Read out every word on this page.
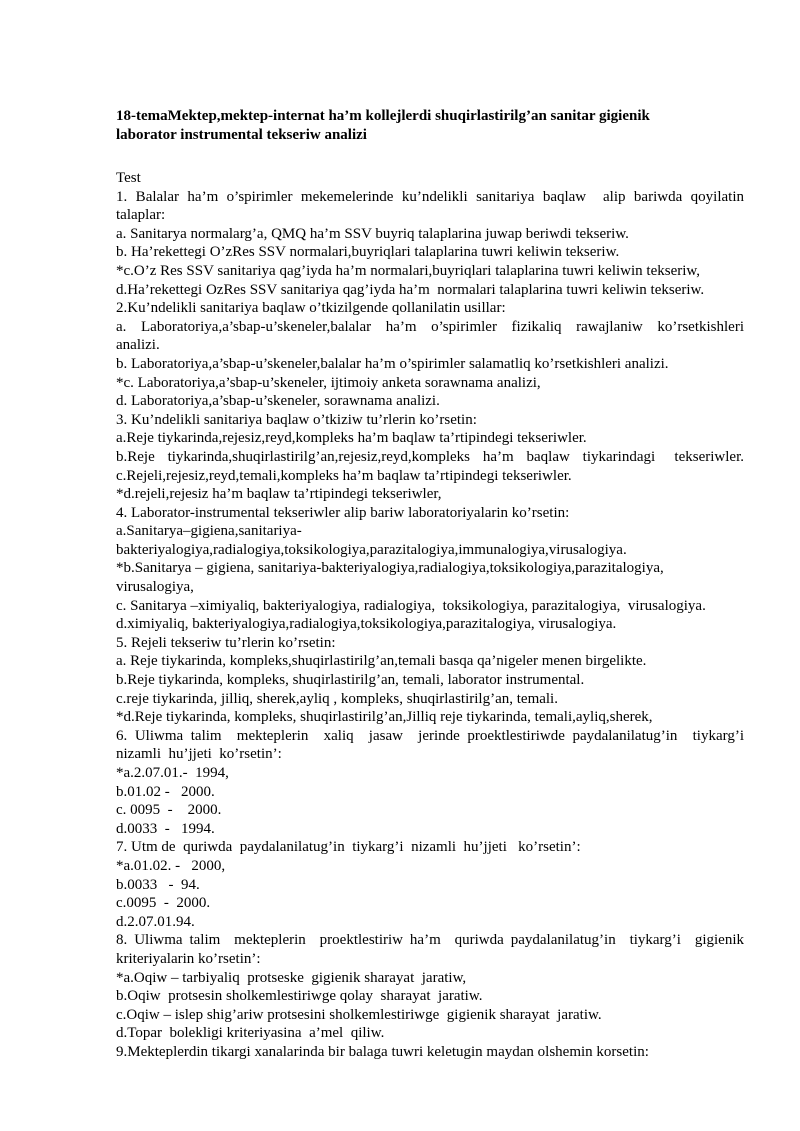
18-temaMektep,mektep-internat ha’m kollejlerdi shuqirlastirilg’an sanitar gigienik
laborator instrumental tekseriw analizi
Test
1. Balalar ha’m o’spirimler mekemelerinde ku’ndelikli sanitariya baqlaw  alip bariwda qoyilatin
talaplar:
a. Sanitarya normalarg’a, QMQ ha’m SSV buyriq talaplarina juwap beriwdi tekseriw.
b. Ha’rekettegi O’zRes SSV normalari,buyriqlari talaplarina tuwri keliwin tekseriw.
*c.O’z Res SSV sanitariya qag’iyda ha’m normalari,buyriqlari talaplarina tuwri keliwin tekseriw,
d.Ha’rekettegi OzRes SSV sanitariya qag’iyda ha’m  normalari talaplarina tuwri keliwin tekseriw.
2.Ku’ndelikli sanitariya baqlaw o’tkizilgende qollanilatin usillar:
a.  Laboratoriya,a’sbap-u’skeneler,balalar  ha’m  o’spirimler  fizikaliq  rawajlaniw  ko’rsetkishleri
analizi.
b. Laboratoriya,a’sbap-u’skeneler,balalar ha’m o’spirimler salamatliq ko’rsetkishleri analizi.
*c. Laboratoriya,a’sbap-u’skeneler, ijtimoiy anketa sorawnama analizi,
d. Laboratoriya,a’sbap-u’skeneler, sorawnama analizi.
3. Ku’ndelikli sanitariya baqlaw o’tkiziw tu’rlerin ko’rsetin:
a.Reje tiykarinda,rejesiz,reyd,kompleks ha’m baqlaw ta’rtipindegi tekseriwler.
b.Reje  tiykarinda,shuqirlastirilg’an,rejesiz,reyd,kompleks  ha’m  baqlaw  tiykarindagi   tekseriwler.
c.Rejeli,rejesiz,reyd,temali,kompleks ha’m baqlaw ta’rtipindegi tekseriwler.
*d.rejeli,rejesiz ha’m baqlaw ta’rtipindegi tekseriwler,
4. Laborator-instrumental tekseriwler alip bariw laboratoriyalarin ko’rsetin:
a.Sanitarya–gigiena,sanitariya-
bakteriyalogiya,radialogiya,toksikologiya,parazitalogiya,immunalogiya,virusalogiya.
*b.Sanitarya – gigiena, sanitariya-bakteriyalogiya,radialogiya,toksikologiya,parazitalogiya,
virusalogiya,
c. Sanitarya –ximiyaliq, bakteriyalogiya, radialogiya,  toksikologiya, parazitalogiya,  virusalogiya.
d.ximiyaliq, bakteriyalogiya,radialogiya,toksikologiya,parazitalogiya, virusalogiya.
5. Rejeli tekseriw tu’rlerin ko’rsetin:
a. Reje tiykarinda, kompleks,shuqirlastirilg’an,temali basqa qa’nigeler menen birgelikte.
b.Reje tiykarinda, kompleks, shuqirlastirilg’an, temali, laborator instrumental.
c.reje tiykarinda, jilliq, sherek,ayliq , kompleks, shuqirlastirilg’an, temali.
*d.Reje tiykarinda, kompleks, shuqirlastirilg’an,Jilliq reje tiykarinda, temali,ayliq,sherek,
6. Uliwma talim  mekteplerin  xaliq  jasaw  jerinde proektlestiriwde paydalanilatug’in  tiykarg’i
nizamli  hu’jjeti  ko’rsetin’:
*a.2.07.01.-  1994,
b.01.02 -   2000.
c. 0095  -    2000.
d.0033  -   1994.
7. Utm de  quriwda  paydalanilatug’in  tiykarg’i  nizamli  hu’jjeti   ko’rsetin’:
*a.01.02. -   2000,
b.0033   -  94.
c.0095  -  2000.
d.2.07.01.94.
8. Uliwma talim  mekteplerin  proektlestiriw ha’m  quriwda paydalanilatug’in  tiykarg’i  gigienik
kriteriyalarin ko’rsetin’:
*a.Oqiw – tarbiyaliq  protseske  gigienik sharayat  jaratiw,
b.Oqiw  protsesin sholkemlestiriwge qolay  sharayat  jaratiw.
c.Oqiw – islep shig’ariw protsesini sholkemlestiriwge  gigienik sharayat  jaratiw.
d.Topar  bolekligi kriteriyasina  a’mel  qiliw.
9.Mekteplerdin tikargi xanalarinda bir balaga tuwri keletugin maydan olshemin korsetin:
